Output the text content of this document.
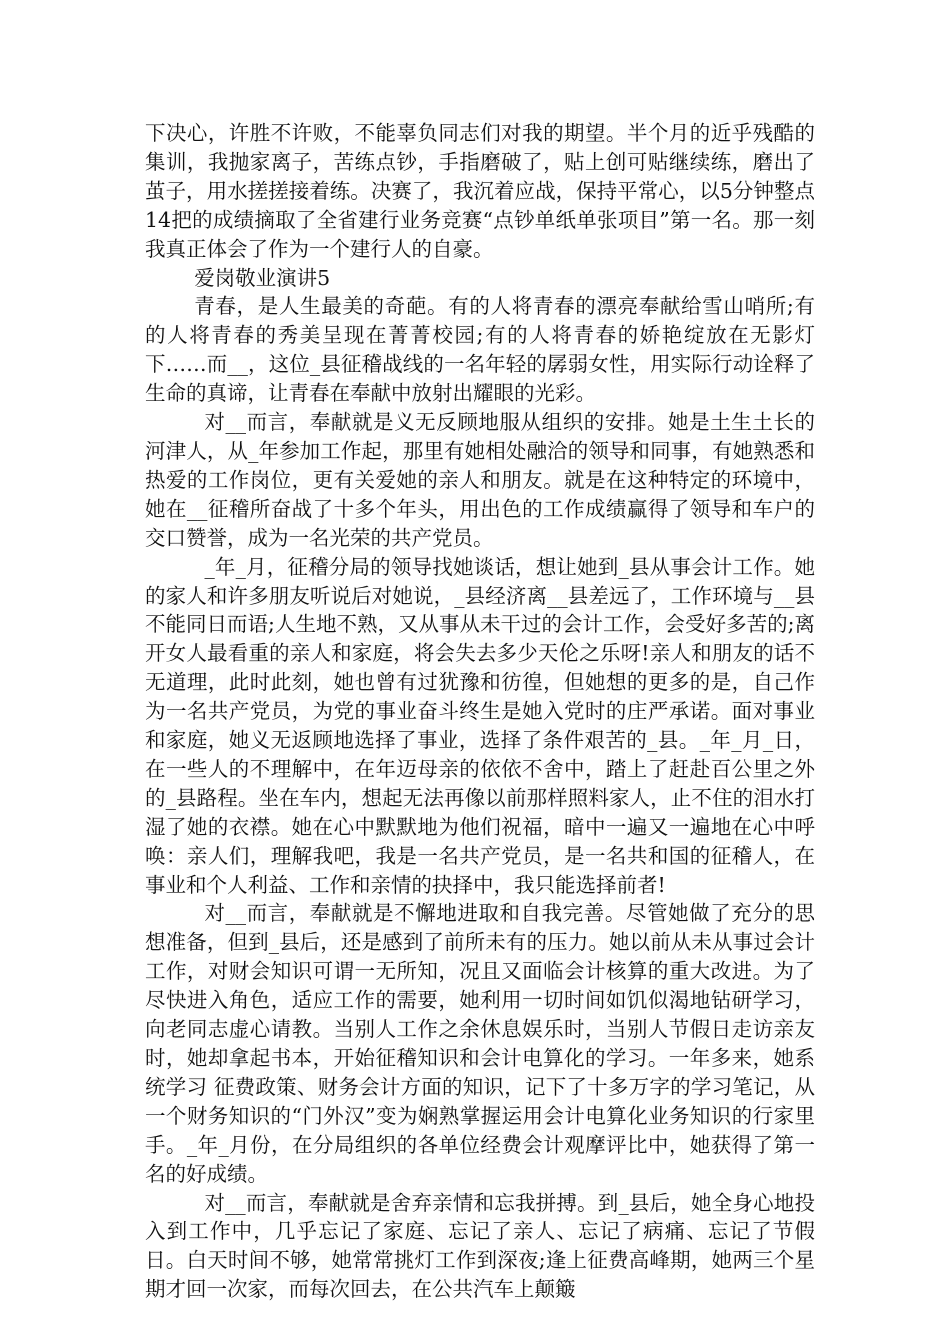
下决心，许胜不许败，不能辜负同志们对我的期望。半个月的近乎残酷的集训，我抛家离子，苦练点钞，手指磨破了，贴上创可贴继续练，磨出了茧子，用水搓搓接着练。决赛了，我沉着应战，保持平常心，以5分钟整点14把的成绩摘取了全省建行业务竞赛“点钞单纸单张项目”第一名。那一刻我真正体会了作为一个建行人的自豪。

爱岗敬业演讲5

青春，是人生最美的奇葩。有的人将青春的漂亮奉献给雪山哨所;有的人将青春的秀美呈现在菁菁校园;有的人将青春的娇艳绽放在无影灯下……而__，这位_县征稽战线的一名年轻的孱弱女性，用实际行动诠释了生命的真谛，让青春在奉献中放射出耀眼的光彩。

对__而言，奉献就是义无反顾地服从组织的安排。她是土生土长的河津人，从_年参加工作起，那里有她相处融洽的领导和同事，有她熟悉和热爱的工作岗位，更有关爱她的亲人和朋友。就是在这种特定的环境中，她在__征稽所奋战了十多个年头，用出色的工作成绩赢得了领导和车户的交口赞誉，成为一名光荣的共产党员。

_年_月，征稽分局的领导找她谈话，想让她到_县从事会计工作。她的家人和许多朋友听说后对她说，_县经济离__县差远了，工作环境与__县不能同日而语;人生地不熟，又从事从未干过的会计工作，会受好多苦的;离开女人最看重的亲人和家庭，将会失去多少天伦之乐呀!亲人和朋友的话不无道理，此时此刻，她也曾有过犹豫和彷徨，但她想的更多的是，自己作为一名共产党员，为党的事业奋斗终生是她入党时的庄严承诺。面对事业和家庭，她义无返顾地选择了事业，选择了条件艰苦的_县。_年_月_日，在一些人的不理解中，在年迈母亲的依依不舍中，踏上了赶赴百公里之外的_县路程。坐在车内，想起无法再像以前那样照料家人，止不住的泪水打湿了她的衣襟。她在心中默默地为他们祝福，暗中一遍又一遍地在心中呼唤：亲人们，理解我吧，我是一名共产党员，是一名共和国的征稽人，在事业和个人利益、工作和亲情的抉择中，我只能选择前者!

对__而言，奉献就是不懈地进取和自我完善。尽管她做了充分的思想准备，但到_县后，还是感到了前所未有的压力。她以前从未从事过会计工作，对财会知识可谓一无所知，况且又面临会计核算的重大改进。为了尽快进入角色，适应工作的需要，她利用一切时间如饥似渴地钻研学习，向老同志虚心请教。当别人工作之余休息娱乐时，当别人节假日走访亲友时，她却拿起书本，开始征稽知识和会计电算化的学习。一年多来，她系统学习 征费政策、财务会计方面的知识，记下了十多万字的学习笔记，从一个财务知识的“门外汉”变为娴熟掌握运用会计电算化业务知识的行家里手。_年_月份，在分局组织的各单位经费会计观摩评比中，她获得了第一名的好成绩。

对__而言，奉献就是舍弃亲情和忘我拼搏。到_县后，她全身心地投入到工作中，几乎忘记了家庭、忘记了亲人、忘记了病痛、忘记了节假日。白天时间不够，她常常挑灯工作到深夜;逢上征费高峰期，她两三个星期才回一次家，而每次回去，在公共汽车上颠簸
